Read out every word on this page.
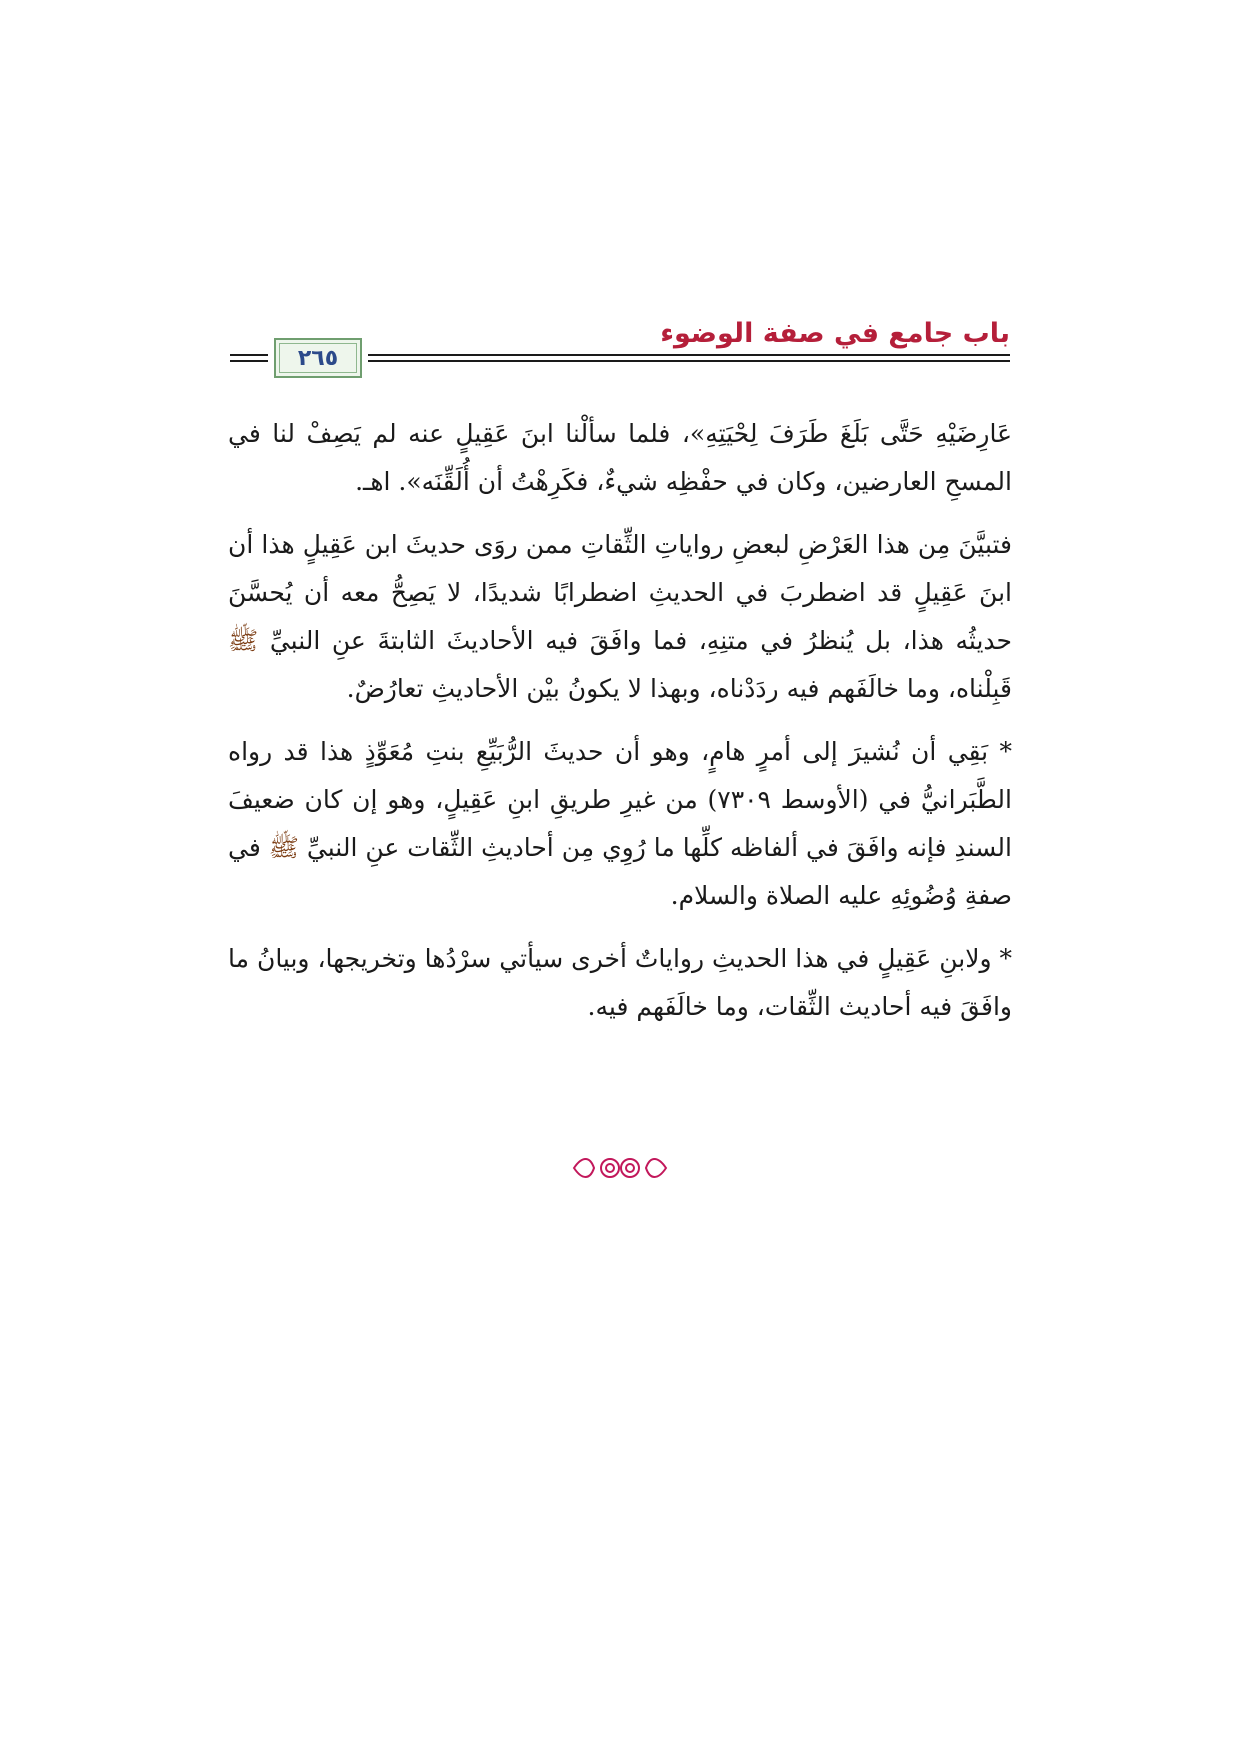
باب جامع في صفة الوضوء
٢٦٥

عَارِضَيْهِ حَتَّى بَلَغَ طَرَفَ لِحْيَتِهِ»، فلما سألْنا ابنَ عَقِيلٍ عنه لم يَصِفْ لنا في المسحِ العارضين، وكان في حفْظِه شيءٌ، فكَرِهْتُ أن أُلَقِّنَه». اهـ.

فتبيَّنَ مِن هذا العَرْضِ لبعضِ رواياتِ الثِّقاتِ ممن روَى حديثَ ابن عَقِيلٍ هذا أن ابنَ عَقِيلٍ قد اضطربَ في الحديثِ اضطرابًا شديدًا، لا يَصِحُّ معه أن يُحسَّنَ حديثُه هذا، بل يُنظرُ في متنِهِ، فما وافَقَ فيه الأحاديثَ الثابتةَ عنِ النبيِّ ﷺ قَبِلْناه، وما خالَفَهم فيه ردَدْناه، وبهذا لا يكونُ بيْن الأحاديثِ تعارُضٌ.

* بَقِي أن نُشيرَ إلى أمرٍ هامٍ، وهو أن حديثَ الرُّبَيِّعِ بنتِ مُعَوِّذٍ هذا قد رواه الطَّبَرانيُّ في (الأوسط ٧٣٠٩) من غيرِ طريقِ ابنِ عَقِيلٍ، وهو إن كان ضعيفَ السندِ فإنه وافَقَ في ألفاظه كلِّها ما رُوِي مِن أحاديثِ الثِّقات عنِ النبيِّ ﷺ في صفةِ وُضُوئِهِ عليه الصلاة والسلام.

* ولابنِ عَقِيلٍ في هذا الحديثِ رواياتٌ أخرى سيأتي سرْدُها وتخريجها، وبيانُ ما وافَقَ فيه أحاديث الثِّقات، وما خالَفَهم فيه.
